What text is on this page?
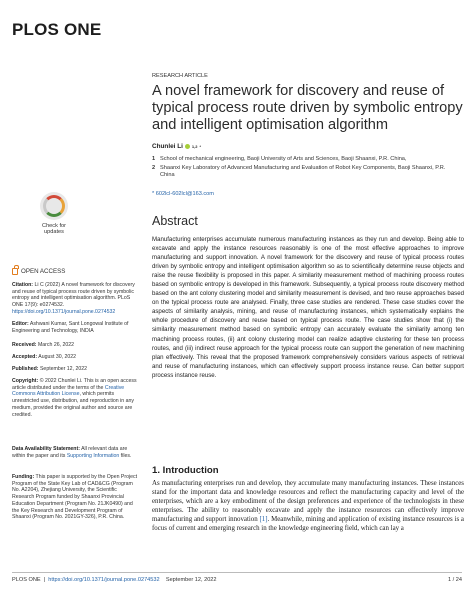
PLOS ONE
RESEARCH ARTICLE
A novel framework for discovery and reuse of typical process route driven by symbolic entropy and intelligent optimisation algorithm
Chunlei Li 1,2 *
1 School of mechanical engineering, Baoji University of Arts and Sciences, Baoji Shaanxi, P.R. China,
2 Shaanxi Key Laboratory of Advanced Manufacturing and Evaluation of Robot Key Components, Baoji Shaanxi, P.R. China
* 602lcl-602lcl@163.com
Abstract
Manufacturing enterprises accumulate numerous manufacturing instances as they run and develop. Being able to excavate and apply the instance resources reasonably is one of the most effective approaches to improve manufacturing and support innovation. A novel framework for the discovery and reuse of typical process routes driven by symbolic entropy and intelligent optimisation algorithm so as to scientifically determine reuse objects and raise the reuse flexibility is proposed in this paper. A similarity measurement method of machining process routes based on symbolic entropy is developed in this framework. Subsequently, a typical process route discovery method based on the ant colony clustering model and similarity measurement is devised, and two reuse approaches based on the typical process route are analysed. Finally, three case studies are rendered. These case studies cover the aspects of similarity analysis, mining, and reuse of manufacturing instances, which systematically explains the whole procedure of discovery and reuse based on typical process route. The case studies show that (i) the similarity measurement method based on symbolic entropy can accurately evaluate the similarity among ten machining process routes, (ii) ant colony clustering model can realize adaptive clustering for these ten process routes, and (iii) indirect reuse approach for the typical process route can support the generation of new machining plan effectively. This reveal that the proposed framework comprehensively considers various aspects of retrieval and reuse of manufacturing instances, which can effectively support process instance reuse. Can better support process instance reuse.
1. Introduction
As manufacturing enterprises run and develop, they accumulate many manufacturing instances. These instances stand for the important data and knowledge resources and reflect the manufacturing capacity and level of the enterprises, which are a key embodiment of the design preferences and experience of the technologists in these enterprises. The ability to reasonably excavate and apply the instance resources can effectively improve manufacturing and support innovation [1]. Meanwhile, mining and application of existing instance resources is a focus of current and emerging research in the knowledge engineering field, which can lay a
Check for updates
OPEN ACCESS
Citation: Li C (2022) A novel framework for discovery and reuse of typical process route driven by symbolic entropy and intelligent optimisation algorithm. PLoS ONE 17(9): e0274532. https://doi.org/10.1371/journal.pone.0274532
Editor: Ashwani Kumar, Sant Longowal Institute of Engineering and Technology, INDIA
Received: March 26, 2022
Accepted: August 30, 2022
Published: September 12, 2022
Copyright: © 2022 Chunlei Li. This is an open access article distributed under the terms of the Creative Commons Attribution License, which permits unrestricted use, distribution, and reproduction in any medium, provided the original author and source are credited.
Data Availability Statement: All relevant data are within the paper and its Supporting Information files.
Funding: This paper is supported by the Open Project Program of the State Key Lab of CAD&CG (Program No. A2204), Zhejiang University, the Scientific Research Program funded by Shaanxi Provincial Education Department (Program No. 21JK0490) and the Key Research and Development Program of Shaanxi (Program No. 2021GY-326), P.R. China.
PLOS ONE  |  https://doi.org/10.1371/journal.pone.0274532 September 12, 2022	1 / 24
